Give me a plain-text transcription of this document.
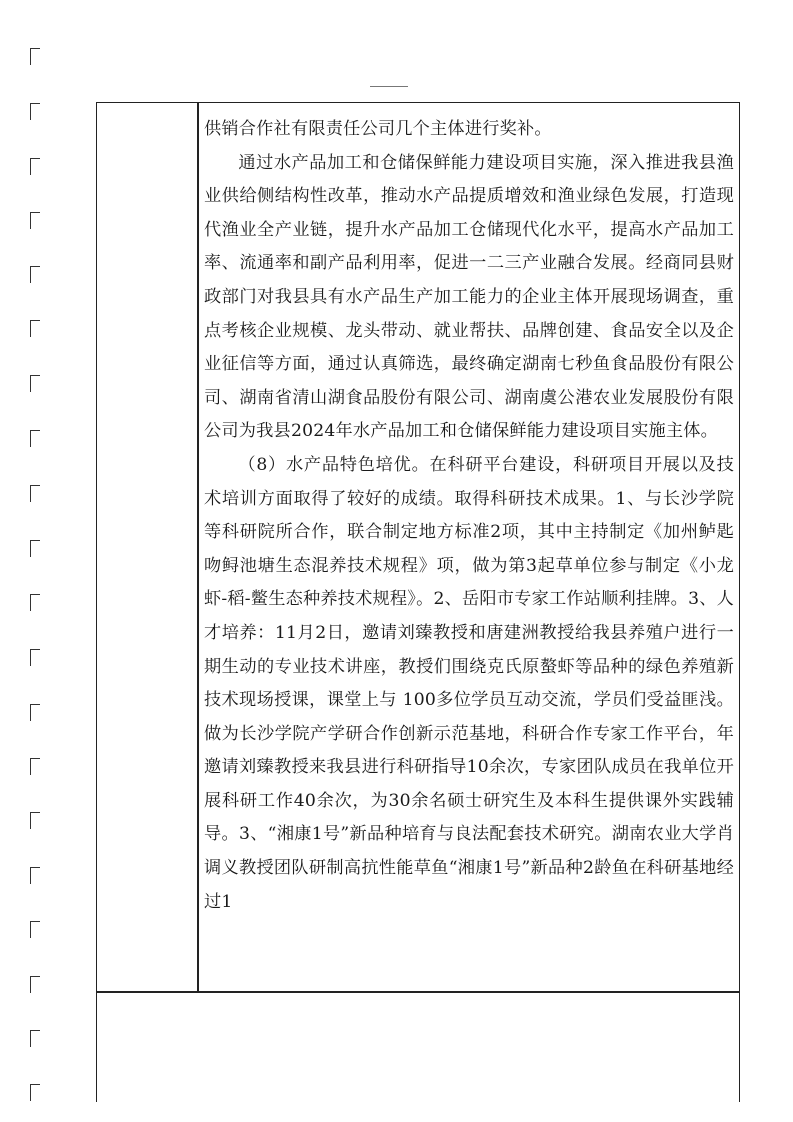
供销合作社有限责任公司几个主体进行奖补。

通过水产品加工和仓储保鲜能力建设项目实施，深入推进我县渔业供给侧结构性改革，推动水产品提质增效和渔业绿色发展，打造现代渔业全产业链，提升水产品加工仓储现代化水平，提高水产品加工率、流通率和副产品利用率，促进一二三产业融合发展。经商同县财政部门对我县具有水产品生产加工能力的企业主体开展现场调查，重点考核企业规模、龙头带动、就业帮扶、品牌创建、食品安全以及企业征信等方面，通过认真筛选，最终确定湖南七秒鱼食品股份有限公司、湖南省清山湖食品股份有限公司、湖南虞公港农业发展股份有限公司为我县2024年水产品加工和仓储保鲜能力建设项目实施主体。

（8）水产品特色培优。在科研平台建设，科研项目开展以及技术培训方面取得了较好的成绩。取得科研技术成果。1、与长沙学院等科研院所合作，联合制定地方标准2项，其中主持制定《加州鲈匙吻鲟池塘生态混养技术规程》项，做为第3起草单位参与制定《小龙虾-稻-鳖生态种养技术规程》。2、岳阳市专家工作站顺利挂牌。3、人才培养：11月2日，邀请刘臻教授和唐建洲教授给我县养殖户进行一期生动的专业技术讲座，教授们围绕克氏原螯虾等品种的绿色养殖新技术现场授课，课堂上与 100多位学员互动交流，学员们受益匪浅。做为长沙学院产学研合作创新示范基地，科研合作专家工作平台，年邀请刘臻教授来我县进行科研指导10余次，专家团队成员在我单位开展科研工作40余次，为30余名硕士研究生及本科生提供课外实践辅导。3、“湘康1号”新品种培育与良法配套技术研究。湖南农业大学肖调义教授团队研制高抗性能草鱼“湘康1号”新品种2龄鱼在科研基地经过1
